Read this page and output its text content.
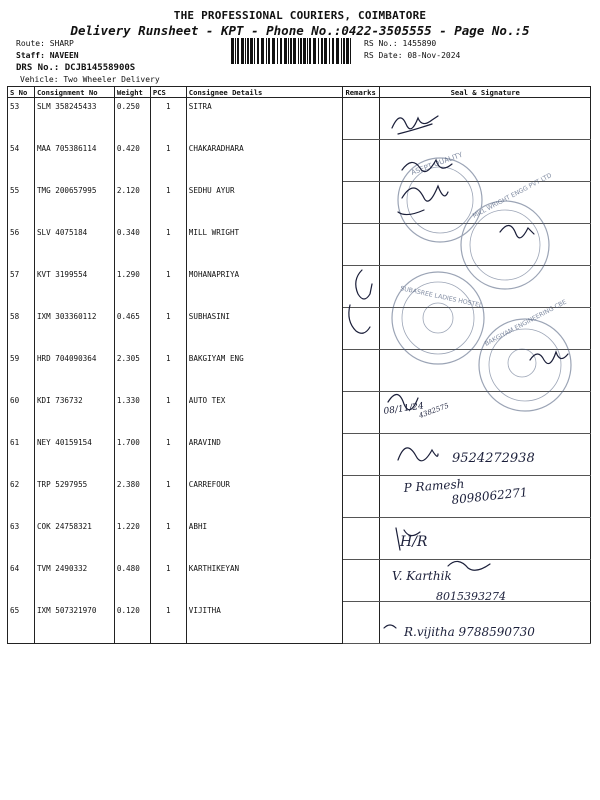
THE PROFESSIONAL COURIERS, COIMBATORE
Delivery Runsheet - KPT - Phone No.:0422-3505555 - Page No.:5
Route: SHARP
Staff: NAVEEN
DRS No.: DCJB14558900S
Vehicle: Two Wheeler Delivery
RS No.: 1455890
RS Date: 08-Nov-2024
S No	Consignment No	Weight	PCS	Consignee Details	Remarks	Seal & Signature
53	SLM 358245433	0.250	1	SITRA		
54	MAA 705386114	0.420	1	CHAKARADHARA		
55	TMG 200657995	2.120	1	SEDHU AYUR		
56	SLV 4075184	0.340	1	MILL WRIGHT		
57	KVT 3199554	1.290	1	MOHANAPRIYA		
58	IXM 303360112	0.465	1	SUBHASINI		
59	HRD 704090364	2.305	1	BAKGIYAM ENG		
60	KDI 736732	1.330	1	AUTO TEX		
61	NEY 40159154	1.700	1	ARAVIND		
62	TRP 5297955	2.380	1	CARREFOUR		
63	COK 24758321	1.220	1	ABHI		
64	TVM 2490332	0.480	1	KARTHIKEYAN		
65	IXM 507321970	0.120	1	VIJITHA		
ASEPT QUALITY
MILL WRIGHT ENGG PVT LTD
SUBASREE LADIES HOSTEL
BAKGIYAM ENGINEERING CBE
08/11/24
4382575
9524272938
P Ramesh
8098062271
H/R
V. Karthik
8015393274
R.vijitha 9788590730
